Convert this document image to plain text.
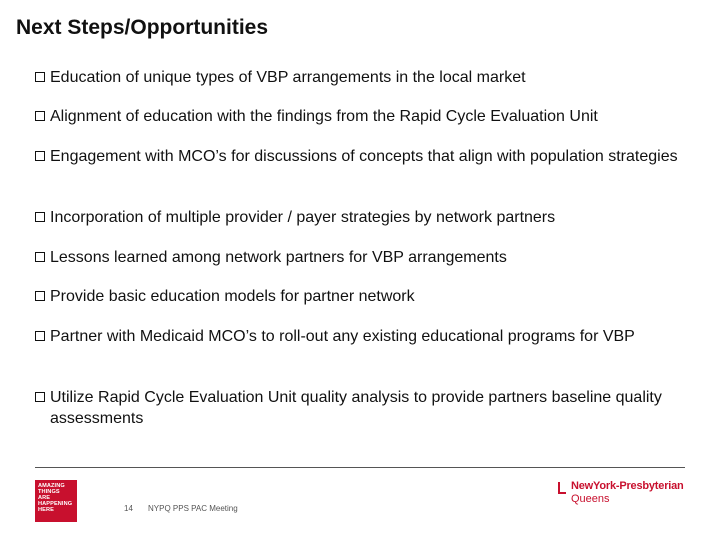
Next Steps/Opportunities
Education of unique types of VBP arrangements in the local market
Alignment of education with the findings from the Rapid Cycle Evaluation Unit
Engagement with MCO’s for discussions of concepts that align with population strategies
Incorporation of multiple provider / payer strategies by network partners
Lessons learned among network partners for VBP arrangements
Provide basic education models for partner network
Partner with Medicaid MCO’s to roll-out any existing educational programs for VBP
Utilize Rapid Cycle Evaluation Unit quality analysis to provide partners baseline quality assessments
AMAZING
THINGS
ARE
HAPPENING
HERE	14 NYPQ PPS PAC Meeting
NewYork-Presbyterian
Queens
